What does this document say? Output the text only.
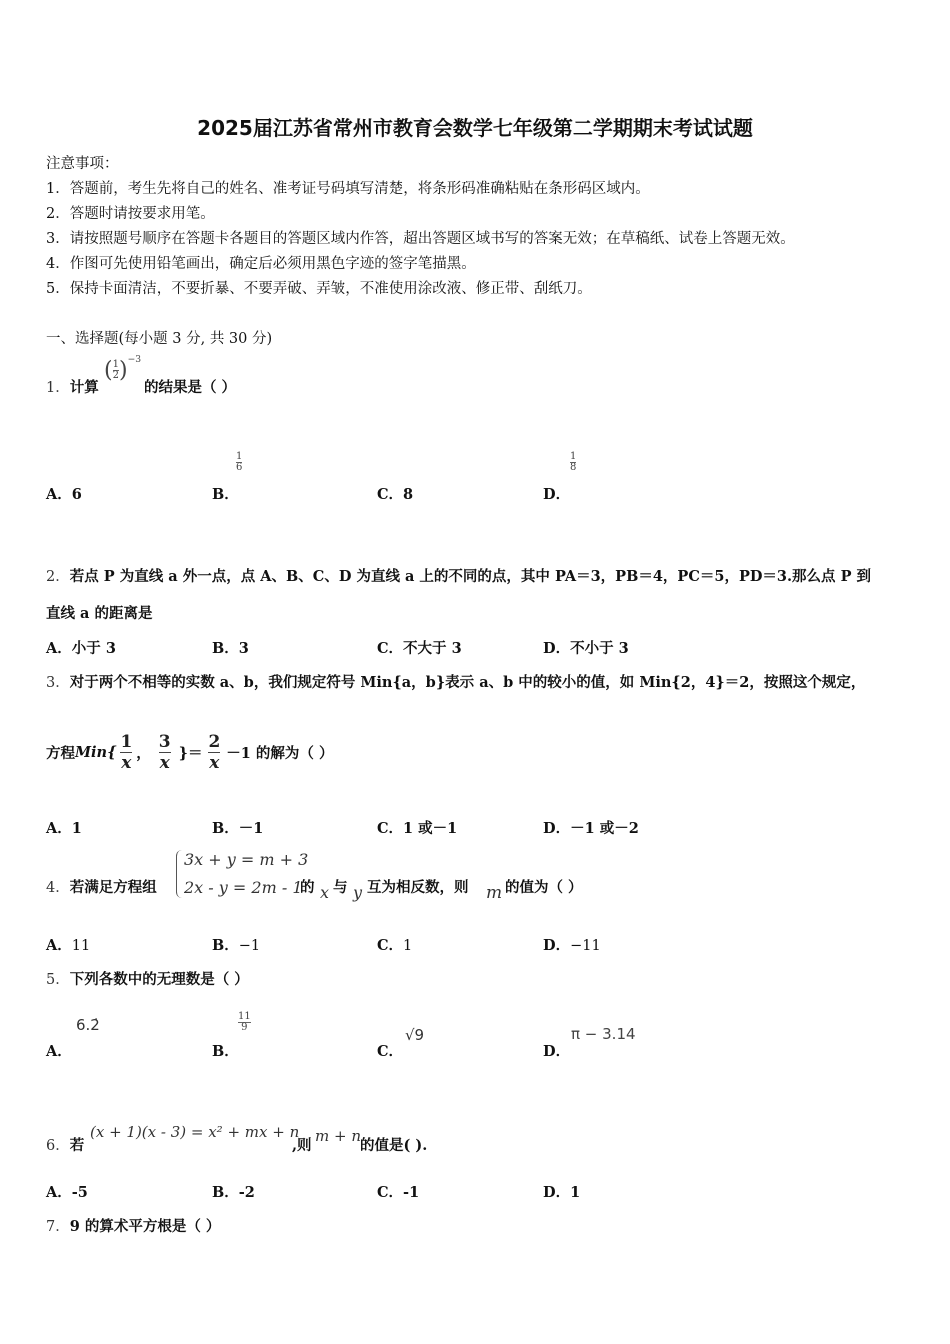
2025届江苏省常州市教育会数学七年级第二学期期末考试试题
注意事项：
1．答题前，考生先将自己的姓名、准考证号码填写清楚，将条形码准确粘贴在条形码区域内。
2．答题时请按要求用笔。
3．请按照题号顺序在答题卡各题目的答题区域内作答，超出答题区域书写的答案无效；在草稿纸、试卷上答题无效。
4．作图可先使用铅笔画出，确定后必须用黑色字迹的签字笔描黑。
5．保持卡面清洁，不要折暴、不要弄破、弄皱，不准使用涂改液、修正带、刮纸刀。
一、选择题(每小题 3 分, 共 30 分)
1．计算
( $\frac{1}{2} )^{-3}$
的结果是（ ）
A．6	B．
$\frac{1}{6}$
C．8	D．
$\frac{1}{8}$
2．若点 P 为直线 a 外一点，点 A、B、C、D 为直线 a 上的不同的点，其中 PA＝3，PB＝4，PC＝5，PD＝3.那么点 P 到
直线 a 的距离是
A．小于 3	B．3	C．不大于 3	D．不小于 3
3．对于两个不相等的实数 a、b，我们规定符号 Min{a，b}表示 a、b 中的较小的值，如 Min{2，4}＝2，按照这个规定，
方程 $Min\{ \frac{1}{x}$ ， $\frac{3}{x}$ }＝ $\frac{2}{x} -1$ 的解为（ ）
A．1	B．－1	C．1 或－1	D．－1 或－2
4．若满足方程组
3x + y = m + 3
2x - y = 2m - 1
的 x 与 y 互为相反数，则 m 的值为（ ）
A．11	B．−1	C．1	D．−11
5．下列各数中的无理数是（ ）
A．
6.2̇
B．
$\frac{11}{9}$
C．
√9
D．
π − 3.14
6．若
(x + 1)(x - 3) = x² + mx + n
,则
m + n
的值是( ).
A．-5	B．-2	C．-1	D．1
7．9 的算术平方根是（ ）
